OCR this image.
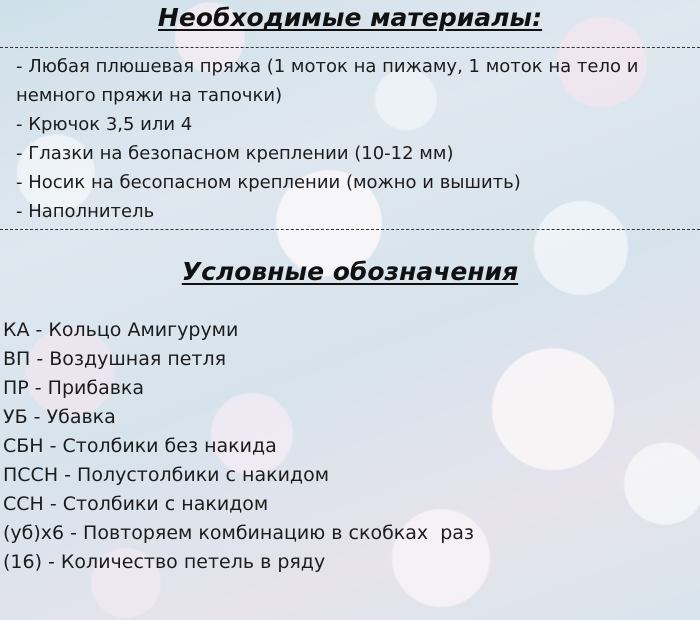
Необходимые материалы:
- Любая плюшевая пряжа (1 моток на пижаму, 1 моток на тело и немного пряжи на тапочки)
- Крючок 3,5 или 4
- Глазки на безопасном креплении (10-12 мм)
- Носик на бесопасном креплении (можно и вышить)
- Наполнитель
Условные обозначения
КА - Кольцо Амигуруми
ВП - Воздушная петля
ПР - Прибавка
УБ - Убавка
СБН - Столбики без накида
ПССН - Полустолбики с накидом
ССН - Столбики с накидом
(уб)х6 - Повторяем комбинацию в скобках  раз
(16) - Количество петель в ряду
